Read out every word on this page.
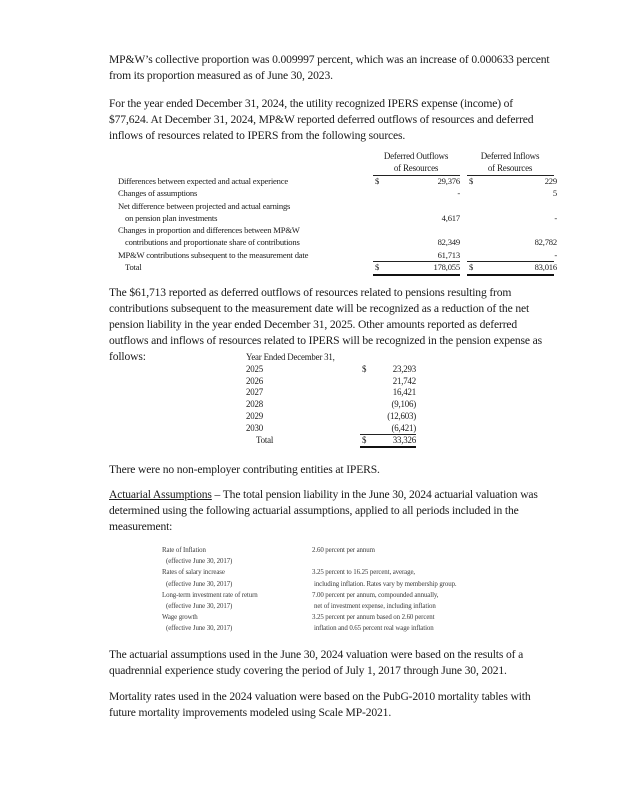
MP&W’s collective proportion was 0.009997 percent, which was an increase of 0.000633 percent from its proportion measured as of June 30, 2023.
For the year ended December 31, 2024, the utility recognized IPERS expense (income) of $77,624. At December 31, 2024, MP&W reported deferred outflows of resources and deferred inflows of resources related to IPERS from the following sources.
Deferred Outflows
of Resources
Deferred Inflows
of Resources
Differences between expected and actual experience	$	29,376 $	229
Changes of assumptions	-	5
Net difference between projected and actual earnings
on pension plan investments	4,617	-
Changes in proportion and differences between MP&W
contributions and proportionate share of contributions	82,349	82,782
MP&W contributions subsequent to the measurement date	61,713	-
Total	$	178,055 $	83,016
The $61,713 reported as deferred outflows of resources related to pensions resulting from contributions subsequent to the measurement date will be recognized as a reduction of the net pension liability in the year ended December 31, 2025. Other amounts reported as deferred outflows and inflows of resources related to IPERS will be recognized in the pension expense as follows:	Year Ended December 31,
2025	$	23,293
2026	21,742
2027	16,421
2028	(9,106)
2029	(12,603)
2030	(6,421)
Total	$	33,326
There were no non-employer contributing entities at IPERS.
Actuarial Assumptions – The total pension liability in the June 30, 2024 actuarial valuation was determined using the following actuarial assumptions, applied to all periods included in the measurement:
Rate of Inflation	2.60 percent per annum
(effective June 30, 2017)
Rates of salary increase	3.25 percent to 16.25 percent, average,
(effective June 30, 2017)	including inflation. Rates vary by membership group.
Long-term investment rate of return	7.00 percent per annum, compounded annually,
(effective June 30, 2017)	net of investment expense, including inflation
Wage growth	3.25 percent per annum based on 2.60 percent
(effective June 30, 2017)	inflation and 0.65 percent real wage inflation
The actuarial assumptions used in the June 30, 2024 valuation were based on the results of a quadrennial experience study covering the period of July 1, 2017 through June 30, 2021.
Mortality rates used in the 2024 valuation were based on the PubG-2010 mortality tables with future mortality improvements modeled using Scale MP-2021.
